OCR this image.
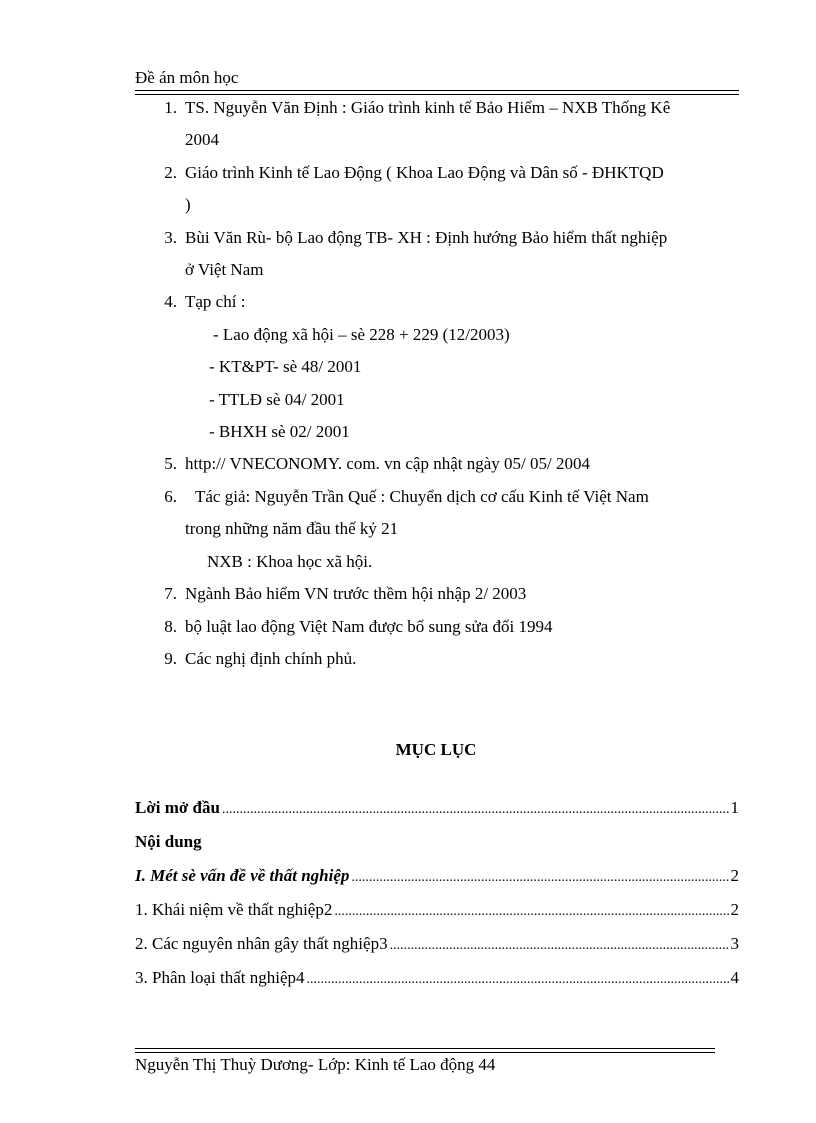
Đề án môn học
1. TS. Nguyễn Văn Định : Giáo trình kinh tế Bảo Hiểm – NXB Thống Kê
2004
2. Giáo trình Kinh tế Lao Động ( Khoa Lao Động và Dân số - ĐHKTQD
)
3. Bùi Văn Rù- bộ Lao động TB- XH : Định hướng Bảo hiểm thất nghiệp
ở Việt Nam
4. Tạp chí :
- Lao động xã hội – sè 228 + 229 (12/2003)
- KT&PT- sè 48/ 2001
- TTLĐ sè 04/ 2001
- BHXH sè 02/ 2001
5. http:// VNECONOMY. com. vn cập nhật ngày 05/ 05/ 2004
6. Tác giả: Nguyễn Trần Quế : Chuyển dịch cơ cấu Kinh tế Việt Nam
trong những năm đầu thế kỷ 21
NXB : Khoa học xã hội.
7. Ngành Bảo hiểm VN trước thềm hội nhập 2/ 2003
8. bộ luật lao động Việt Nam được bổ sung sửa đổi 1994
9. Các nghị định chính phủ.
MỤC LỤC
Lời mở đầu .....	1
Nội dung
I. Mét sè vấn đề về thất nghiệp .....	2
1. Khái niệm về thất nghiệp2 .....	2
2. Các nguyên nhân gây thất nghiệp3 .....	3
3. Phân loại thất nghiệp4 .....	4
Nguyễn Thị Thuỳ Dương- Lớp: Kinh tế Lao động 44
